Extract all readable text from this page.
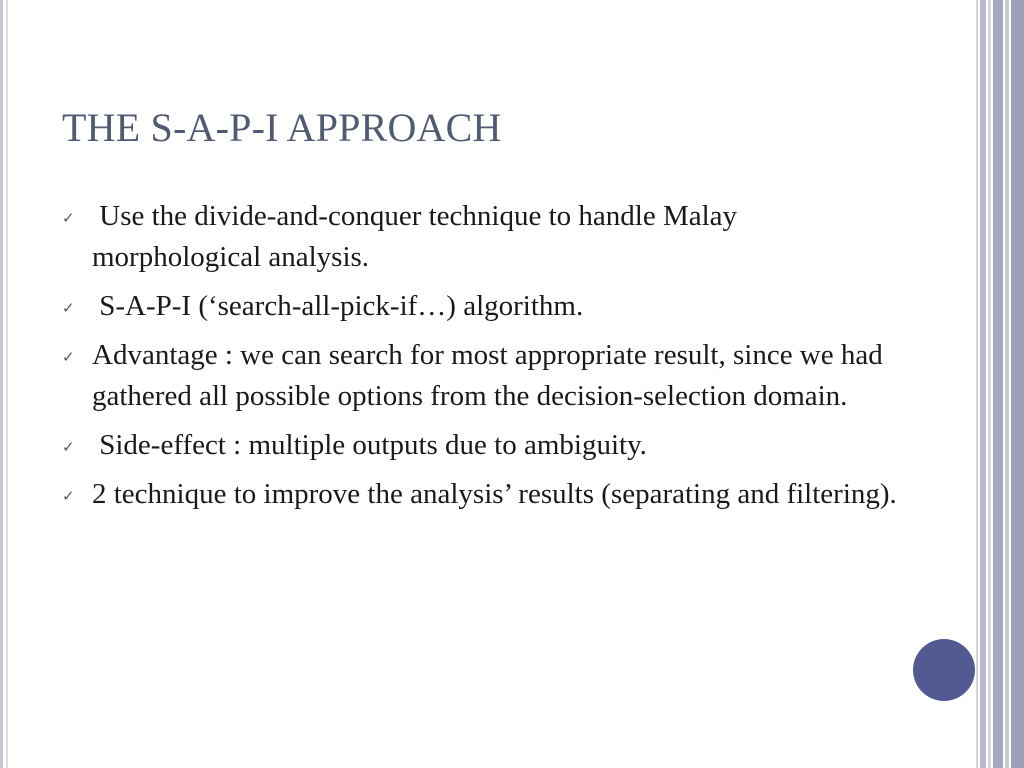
THE S-A-P-I APPROACH
✓ Use the divide-and-conquer technique to handle Malay morphological analysis.
✓ S-A-P-I (‘search-all-pick-if…) algorithm.
✓ Advantage : we can search for most appropriate result, since we had gathered all possible options from the decision-selection domain.
✓ Side-effect : multiple outputs due to ambiguity.
✓ 2 technique to improve the analysis’ results (separating and filtering).
